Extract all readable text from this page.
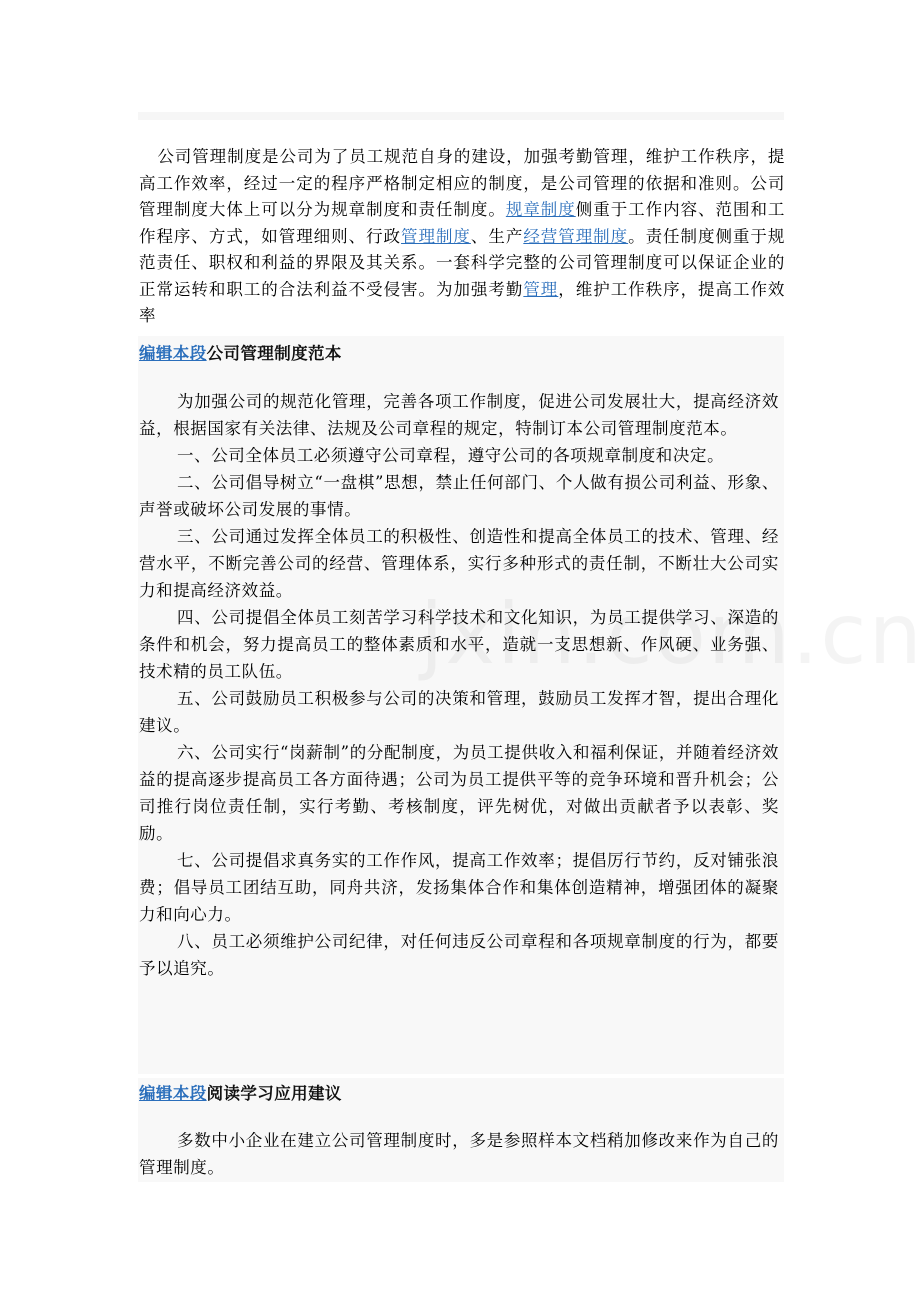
公司管理制度是公司为了员工规范自身的建设，加强考勤管理，维护工作秩序，提高工作效率，经过一定的程序严格制定相应的制度，是公司管理的依据和准则。公司管理制度大体上可以分为规章制度和责任制度。规章制度侧重于工作内容、范围和工作程序、方式，如管理细则、行政管理制度、生产经营管理制度。责任制度侧重于规范责任、职权和利益的界限及其关系。一套科学完整的公司管理制度可以保证企业的正常运转和职工的合法利益不受侵害。为加强考勤管理，维护工作秩序，提高工作效率
编辑本段公司管理制度范本

为加强公司的规范化管理，完善各项工作制度，促进公司发展壮大，提高经济效益，根据国家有关法律、法规及公司章程的规定，特制订本公司管理制度范本。

一、公司全体员工必须遵守公司章程，遵守公司的各项规章制度和决定。

二、公司倡导树立“一盘棋”思想，禁止任何部门、个人做有损公司利益、形象、声誉或破坏公司发展的事情。

三、公司通过发挥全体员工的积极性、创造性和提高全体员工的技术、管理、经营水平，不断完善公司的经营、管理体系，实行多种形式的责任制，不断壮大公司实力和提高经济效益。

四、公司提倡全体员工刻苦学习科学技术和文化知识，为员工提供学习、深造的条件和机会，努力提高员工的整体素质和水平，造就一支思想新、作风硬、业务强、技术精的员工队伍。

五、公司鼓励员工积极参与公司的决策和管理，鼓励员工发挥才智，提出合理化建议。

六、公司实行“岗薪制”的分配制度，为员工提供收入和福利保证，并随着经济效益的提高逐步提高员工各方面待遇；公司为员工提供平等的竞争环境和晋升机会；公司推行岗位责任制，实行考勤、考核制度，评先树优，对做出贡献者予以表彰、奖励。

七、公司提倡求真务实的工作作风，提高工作效率；提倡厉行节约，反对铺张浪费；倡导员工团结互助，同舟共济，发扬集体合作和集体创造精神，增强团体的凝聚力和向心力。

八、员工必须维护公司纪律，对任何违反公司章程和各项规章制度的行为，都要予以追究。

编辑本段阅读学习应用建议

多数中小企业在建立公司管理制度时，多是参照样本文档稍加修改来作为自己的管理制度。
